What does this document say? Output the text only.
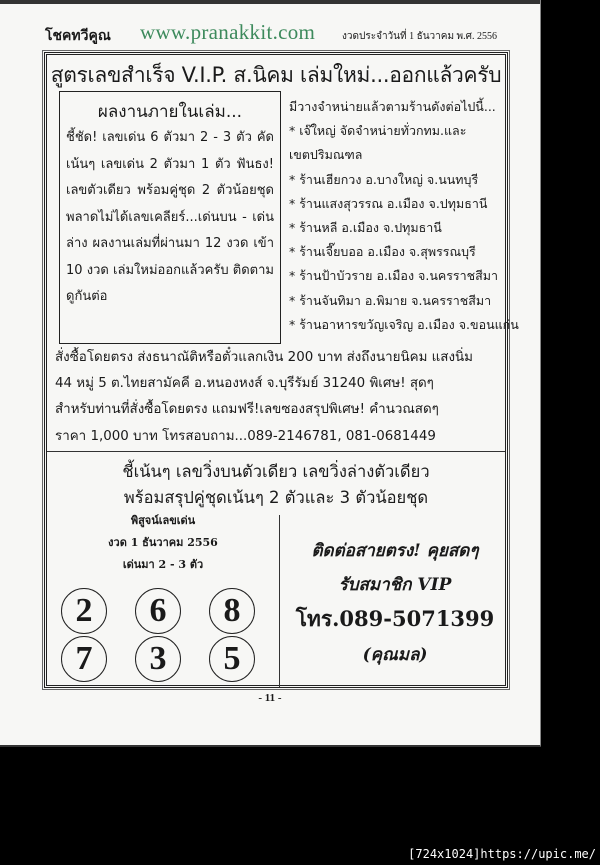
โชคทวีคูณ www.pranakkit.com	งวดประจำวันที่ 1 ธันวาคม พ.ศ. 2556
สูตรเลขสำเร็จ V.I.P. ส.นิคม เล่มใหม่...ออกแล้วครับ
ผลงานภายในเล่ม...
ชี้ชัด! เลขเด่น 6 ตัวมา 2 - 3 ตัว คัดเน้นๆ เลขเด่น 2 ตัวมา 1 ตัว ฟันธง! เลขตัวเดียว พร้อมคู่ชุด 2 ตัวน้อยชุด พลาดไม่ได้เลขเคลียร์...เด่นบน - เด่นล่าง ผลงานเล่มที่ผ่านมา 12 งวด เข้า 10 งวด เล่มใหม่ออกแล้วครับ ติดตามดูกันต่อ
มีวางจำหน่ายแล้วตามร้านดังต่อไปนี้...
* เจ๊ใหญ่ จัดจำหน่ายทั่วกทม.และ
เขตปริมณฑล
* ร้านเฮียกวง อ.บางใหญ่ จ.นนทบุรี
* ร้านแสงสุวรรณ อ.เมือง จ.ปทุมธานี
* ร้านหลี อ.เมือง จ.ปทุมธานี
* ร้านเจี๊ยบออ อ.เมือง จ.สุพรรณบุรี
* ร้านป้าบัวราย อ.เมือง จ.นครราชสีมา
* ร้านจันทิมา อ.พิมาย จ.นครราชสีมา
* ร้านอาหารขวัญเจริญ อ.เมือง จ.ขอนแก่น
สั่งซื้อโดยตรง ส่งธนาณัติหรือตั๋วแลกเงิน 200 บาท ส่งถึงนายนิคม แสงนิ่ม
44 หมู่ 5 ต.ไทยสามัคคี อ.หนองหงส์ จ.บุรีรัมย์ 31240 พิเศษ! สุดๆ
สำหรับท่านที่สั่งซื้อโดยตรง แถมฟรี!เลขซองสรุปพิเศษ! คำนวณสดๆ
ราคา 1,000 บาท โทรสอบถาม...089-2146781, 081-0681449
ชี้เน้นๆ เลขวิ่งบนตัวเดียว เลขวิ่งล่างตัวเดียว
พร้อมสรุปคู่ชุดเน้นๆ 2 ตัวและ 3 ตัวน้อยชุด
พิสูจน์เลขเด่น
งวด 1 ธันวาคม 2556
เด่นมา 2 - 3 ตัว
2	6	8
7	3	5
ติดต่อสายตรง! คุยสดๆ
รับสมาชิก VIP
โทร.089-5071399
(คุณมล)
- 11 -
[724x1024]https://upic.me/
